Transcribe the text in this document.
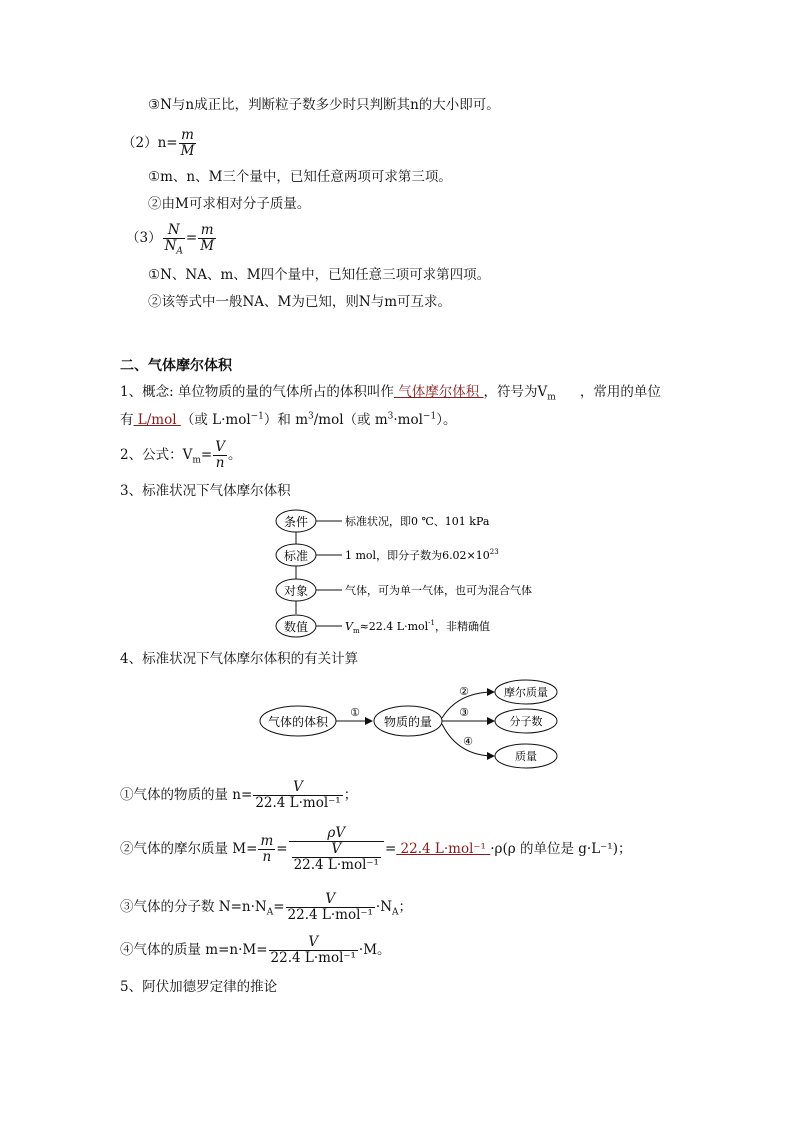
③N与n成正比，判断粒子数多少时只判断其n的大小即可。
$(2)n= \frac{m}{M}$
①m、n、M三个量中，已知任意两项可求第三项。
②由M可求相对分子质量。
$(3) \frac{N}{N_A} = \frac{m}{M}$
①N、NA、m、M四个量中，已知任意三项可求第四项。
②该等式中一般NA、M为已知，则N与m可互求。
二、气体摩尔体积
1、概念: 单位物质的量的气体所占的体积叫作 气体摩尔体积 ，符号为$V_m$ ，常用的单位
有 L/mol （或 L·mol$^{-1}$）和 $m^3/mol$（或 $m^3\cdot mol^{-1}$）。
2、公式：$V_m= \frac{V}{n}$ 。
3、标准状况下气体摩尔体积
条件	标准状况，即0 ℃、101 kPa
标准	1 mol，即分子数为$6.02\times 10^{23}$
对象	气体，可为单一气体，也可为混合气体
数值	$V_m\approx 22.4$ L·mol$^{-1}$，非精确值
4、标准状况下气体摩尔体积的有关计算
气体的体积
①
物质的量
②
③
④
摩尔质量
分子数
质量
①气体的物质的量 $n= \frac{V}{\text{22.4 L·mol⁻¹}}$ ；
②气体的摩尔质量 $M= \frac{m}{n} = \frac{\rho V}{\frac{V}{\text{22.4 L·mol⁻¹}}} = 22.4$ L·mol⁻¹ ·ρ(ρ 的单位是 g·L⁻¹)；
③气体的分子数 $N=n\cdot N_A= \frac{V}{\text{22.4 L·mol⁻¹}} \cdot N_A$；
④气体的质量 $m=n\cdot M= \frac{V}{\text{22.4 L·mol⁻¹}} \cdot M$。
5、阿伏加德罗定律的推论
